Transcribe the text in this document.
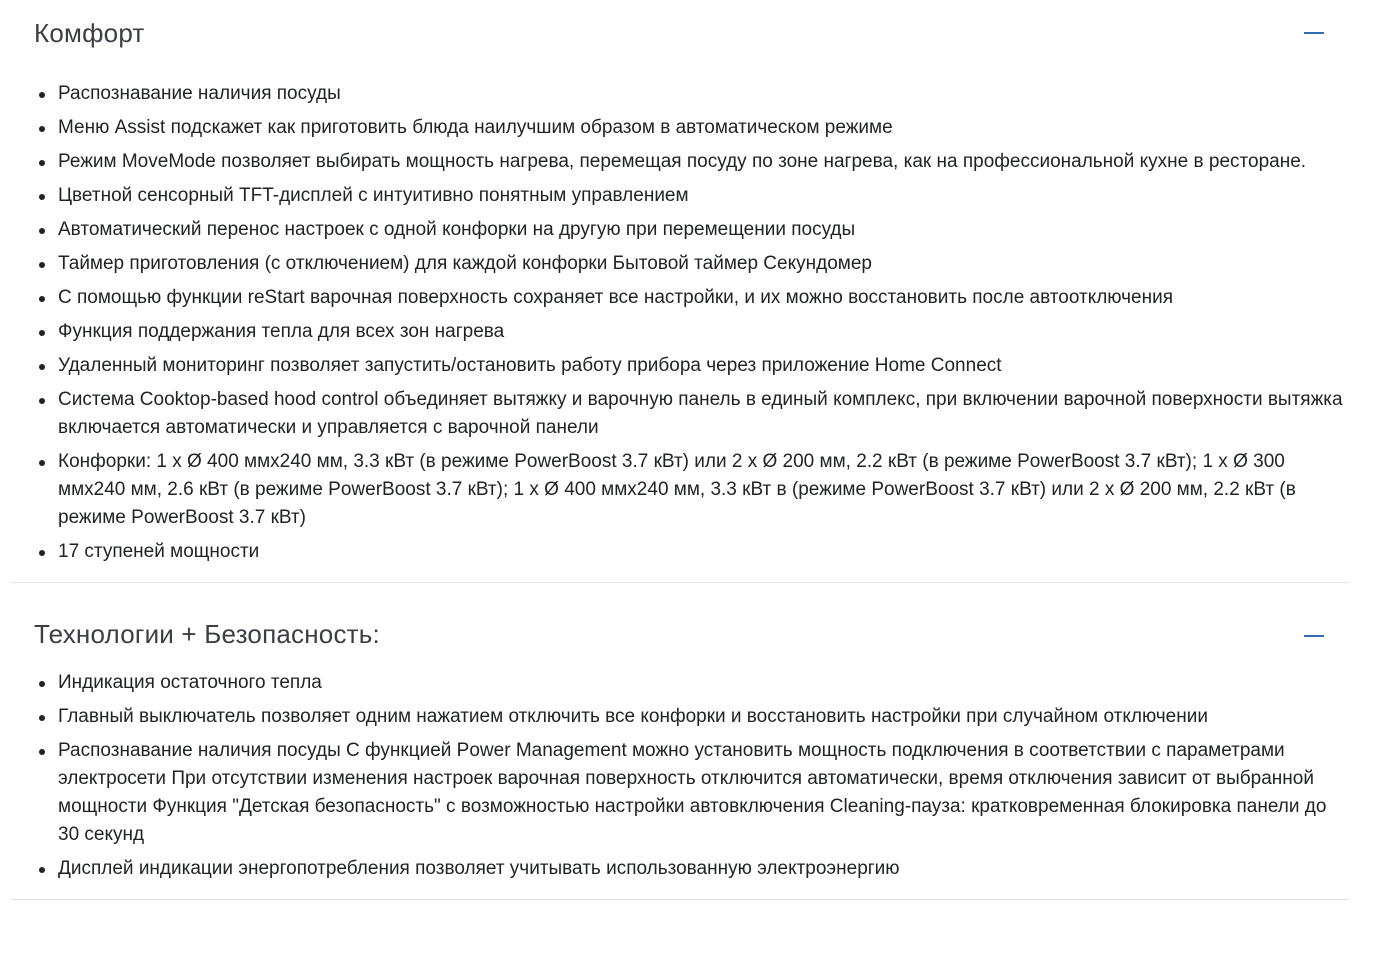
Комфорт
Распознавание наличия посуды
Меню Assist подскажет как приготовить блюда наилучшим образом в автоматическом режиме
Режим MoveMode позволяет выбирать мощность нагрева, перемещая посуду по зоне нагрева, как на профессиональной кухне в ресторане.
Цветной сенсорный TFT-дисплей с интуитивно понятным управлением
Автоматический перенос настроек с одной конфорки на другую при перемещении посуды
Таймер приготовления (с отключением) для каждой конфорки Бытовой таймер Секундомер
С помощью функции reStart варочная поверхность сохраняет все настройки, и их можно восстановить после автоотключения
Функция поддержания тепла для всех зон нагрева
Удаленный мониторинг позволяет запустить/остановить работу прибора через приложение Home Connect
Система Cooktop-based hood control объединяет вытяжку и варочную панель в единый комплекс, при включении варочной поверхности вытяжка включается автоматически и управляется с варочной панели
Конфорки: 1 x Ø 400 ммx240 мм, 3.3 кВт (в режиме PowerBoost 3.7 кВт) или 2 x Ø 200 мм, 2.2 кВт (в режиме PowerBoost 3.7 кВт); 1 x Ø 300 ммx240 мм, 2.6 кВт (в режиме PowerBoost 3.7 кВт); 1 x Ø 400 ммx240 мм, 3.3 кВт в (режиме PowerBoost 3.7 кВт) или 2 x Ø 200 мм, 2.2 кВт (в режиме PowerBoost 3.7 кВт)
17 ступеней мощности
Технологии + Безопасность:
Индикация остаточного тепла
Главный выключатель позволяет одним нажатием отключить все конфорки и восстановить настройки при случайном отключении
Распознавание наличия посуды С функцией Power Management можно установить мощность подключения в соответствии с параметрами электросети При отсутствии изменения настроек варочная поверхность отключится автоматически, время отключения зависит от выбранной мощности Функция "Детская безопасность" с возможностью настройки автовключения Cleaning-пауза: кратковременная блокировка панели до 30 секунд
Дисплей индикации энергопотребления позволяет учитывать использованную электроэнергию
